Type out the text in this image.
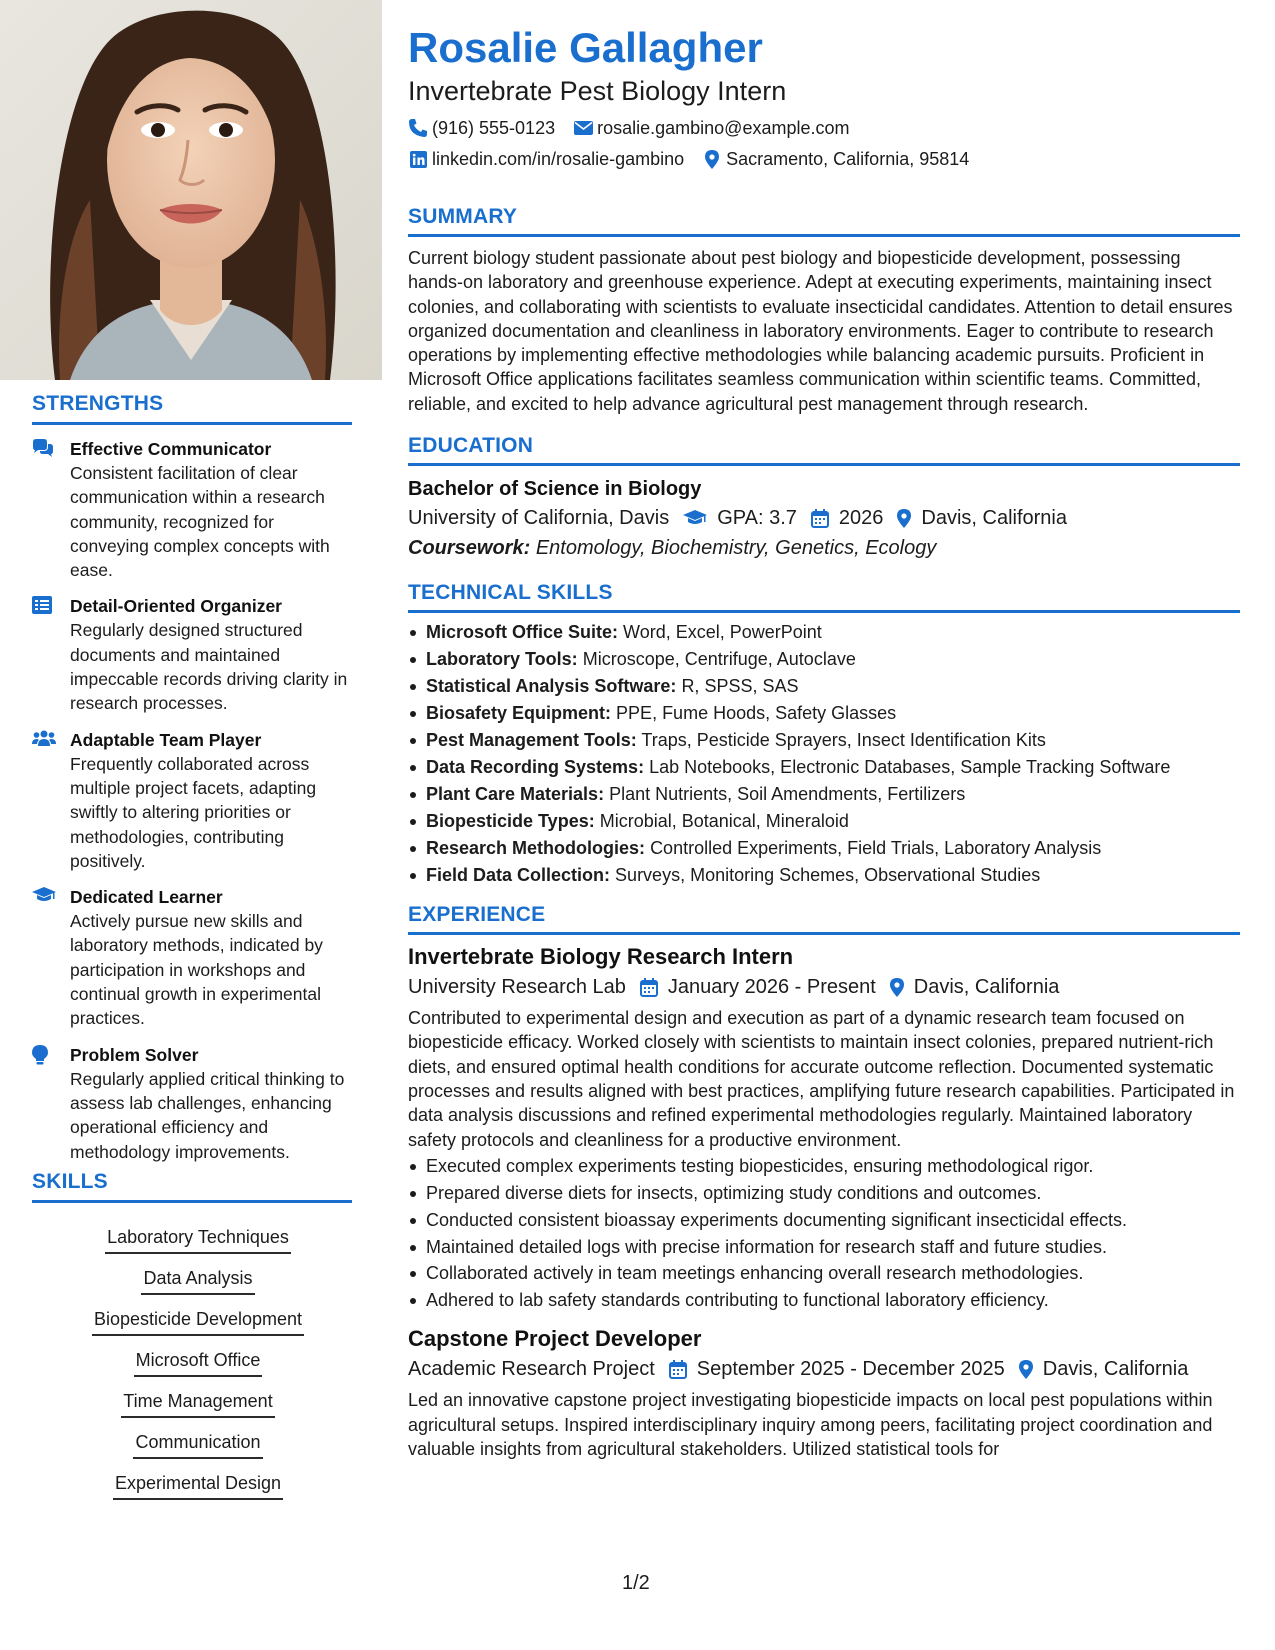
STRENGTHS
Effective Communicator
Consistent facilitation of clear communication within a research community, recognized for conveying complex concepts with ease.
Detail-Oriented Organizer
Regularly designed structured documents and maintained impeccable records driving clarity in research processes.
Adaptable Team Player
Frequently collaborated across multiple project facets, adapting swiftly to altering priorities or methodologies, contributing positively.
Dedicated Learner
Actively pursue new skills and laboratory methods, indicated by participation in workshops and continual growth in experimental practices.
Problem Solver
Regularly applied critical thinking to assess lab challenges, enhancing operational efficiency and methodology improvements.
SKILLS
Laboratory Techniques
Data Analysis
Biopesticide Development
Microsoft Office
Time Management
Communication
Experimental Design
Rosalie Gallagher
Invertebrate Pest Biology Intern
(916) 555-0123 rosalie.gambino@example.com
linkedin.com/in/rosalie-gambino Sacramento, California, 95814
SUMMARY
Current biology student passionate about pest biology and biopesticide development, possessing hands-on laboratory and greenhouse experience. Adept at executing experiments, maintaining insect colonies, and collaborating with scientists to evaluate insecticidal candidates. Attention to detail ensures organized documentation and cleanliness in laboratory environments. Eager to contribute to research operations by implementing effective methodologies while balancing academic pursuits. Proficient in Microsoft Office applications facilitates seamless communication within scientific teams. Committed, reliable, and excited to help advance agricultural pest management through research.
EDUCATION
Bachelor of Science in Biology
University of California, Davis GPA: 3.7 2026 Davis, California
Coursework: Entomology, Biochemistry, Genetics, Ecology
TECHNICAL SKILLS
Microsoft Office Suite: Word, Excel, PowerPoint
Laboratory Tools: Microscope, Centrifuge, Autoclave
Statistical Analysis Software: R, SPSS, SAS
Biosafety Equipment: PPE, Fume Hoods, Safety Glasses
Pest Management Tools: Traps, Pesticide Sprayers, Insect Identification Kits
Data Recording Systems: Lab Notebooks, Electronic Databases, Sample Tracking Software
Plant Care Materials: Plant Nutrients, Soil Amendments, Fertilizers
Biopesticide Types: Microbial, Botanical, Mineraloid
Research Methodologies: Controlled Experiments, Field Trials, Laboratory Analysis
Field Data Collection: Surveys, Monitoring Schemes, Observational Studies
EXPERIENCE
Invertebrate Biology Research Intern
University Research Lab January 2026 - Present Davis, California
Contributed to experimental design and execution as part of a dynamic research team focused on biopesticide efficacy. Worked closely with scientists to maintain insect colonies, prepared nutrient-rich diets, and ensured optimal health conditions for accurate outcome reflection. Documented systematic processes and results aligned with best practices, amplifying future research capabilities. Participated in data analysis discussions and refined experimental methodologies regularly. Maintained laboratory safety protocols and cleanliness for a productive environment.
Executed complex experiments testing biopesticides, ensuring methodological rigor.
Prepared diverse diets for insects, optimizing study conditions and outcomes.
Conducted consistent bioassay experiments documenting significant insecticidal effects.
Maintained detailed logs with precise information for research staff and future studies.
Collaborated actively in team meetings enhancing overall research methodologies.
Adhered to lab safety standards contributing to functional laboratory efficiency.
Capstone Project Developer
Academic Research Project September 2025 - December 2025 Davis, California
Led an innovative capstone project investigating biopesticide impacts on local pest populations within agricultural setups. Inspired interdisciplinary inquiry among peers, facilitating project coordination and valuable insights from agricultural stakeholders. Utilized statistical tools for
1/2
